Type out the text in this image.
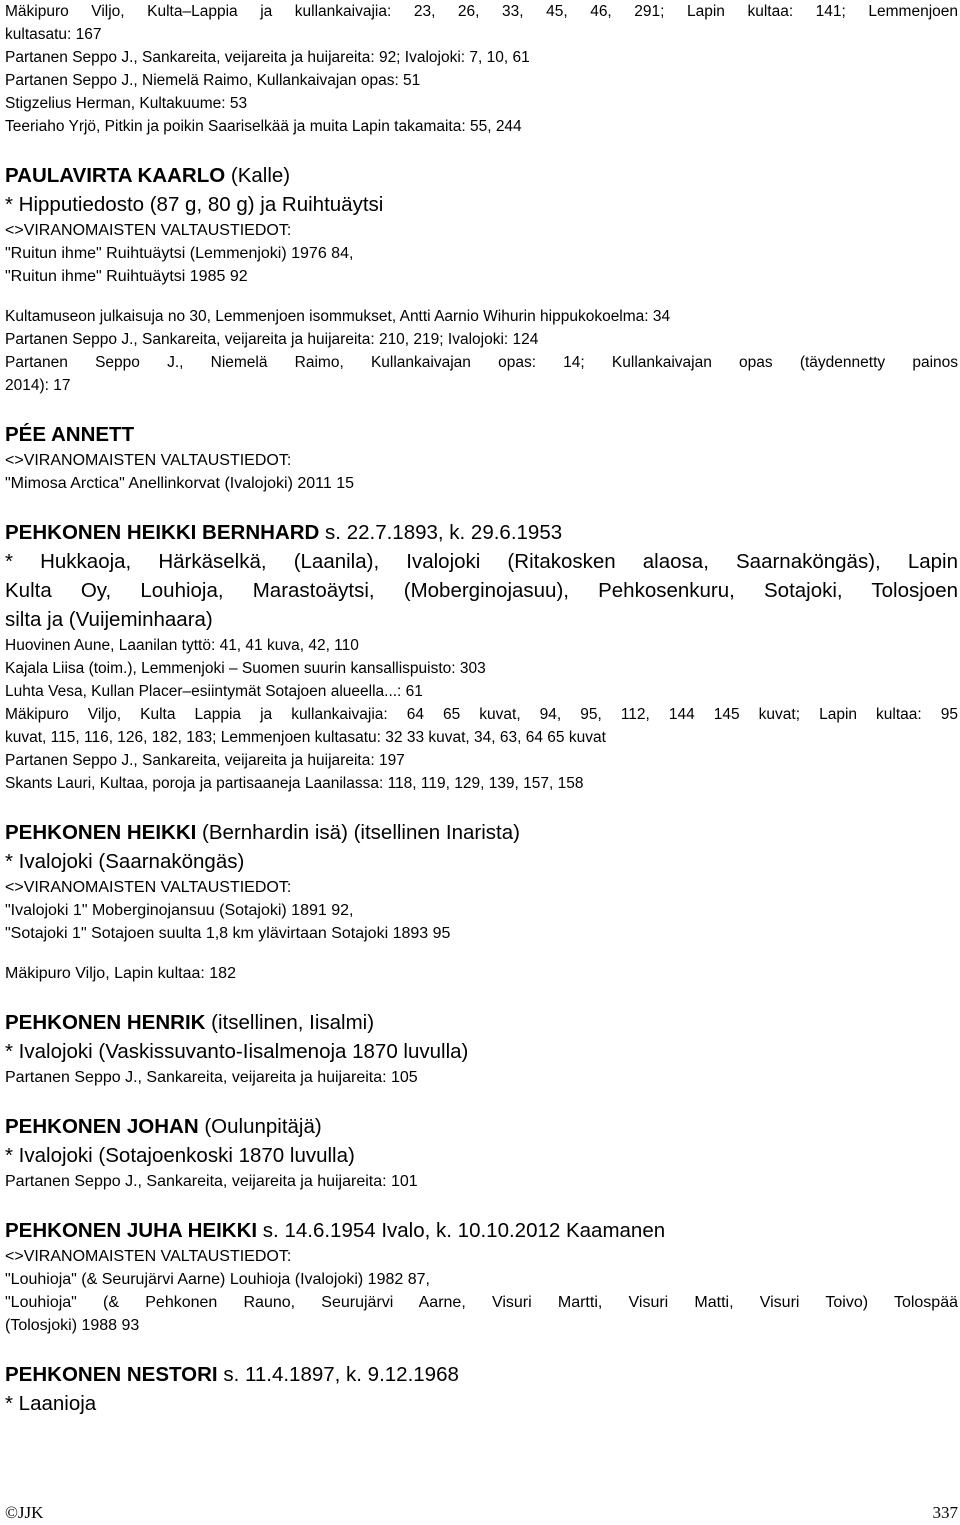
Mäkipuro Viljo, Kulta–Lappia ja kullankaivajia: 23, 26, 33, 45, 46, 291; Lapin kultaa: 141; Lemmenjoen
kultasatu: 167
Partanen Seppo J., Sankareita, veijareita ja huijareita: 92; Ivalojoki: 7, 10, 61
Partanen Seppo J., Niemelä Raimo, Kullankaivajan opas: 51
Stigzelius Herman, Kultakuume: 53
Teeriaho Yrjö, Pitkin ja poikin Saariselkää ja muita Lapin takamaita: 55, 244
PAULAVIRTA KAARLO (Kalle)
* Hipputiedosto (87 g, 80 g) ja Ruihtuäytsi
<>VIRANOMAISTEN VALTAUSTIEDOT:
"Ruitun ihme" Ruihtuäytsi (Lemmenjoki) 1976 84,
"Ruitun ihme" Ruihtuäytsi 1985 92
Kultamuseon julkaisuja no 30, Lemmenjoen isommukset, Antti Aarnio Wihurin hippukokoelma: 34
Partanen Seppo J., Sankareita, veijareita ja huijareita: 210, 219; Ivalojoki: 124
Partanen Seppo J., Niemelä Raimo, Kullankaivajan opas: 14; Kullankaivajan opas (täydennetty painos
2014): 17
PÉE ANNETT
<>VIRANOMAISTEN VALTAUSTIEDOT:
"Mimosa Arctica" Anellinkorvat (Ivalojoki) 2011 15
PEHKONEN HEIKKI BERNHARD s. 22.7.1893, k. 29.6.1953
* Hukkaoja, Härkäselkä, (Laanila), Ivalojoki (Ritakosken alaosa, Saarnaköngäs), Lapin
Kulta Oy, Louhioja, Marastoäytsi, (Moberginojasuu), Pehkosenkuru, Sotajoki, Tolosjoen
silta ja (Vuijeminhaara)
Huovinen Aune, Laanilan tyttö: 41, 41 kuva, 42, 110
Kajala Liisa (toim.), Lemmenjoki – Suomen suurin kansallispuisto: 303
Luhta Vesa, Kullan Placer–esiintymät Sotajoen alueella...: 61
Mäkipuro Viljo, Kulta Lappia ja kullankaivajia: 64 65 kuvat, 94, 95, 112, 144 145 kuvat; Lapin kultaa: 95
kuvat, 115, 116, 126, 182, 183; Lemmenjoen kultasatu: 32 33 kuvat, 34, 63, 64 65 kuvat
Partanen Seppo J., Sankareita, veijareita ja huijareita: 197
Skants Lauri, Kultaa, poroja ja partisaaneja Laanilassa: 118, 119, 129, 139, 157, 158
PEHKONEN HEIKKI (Bernhardin isä) (itsellinen Inarista)
* Ivalojoki (Saarnaköngäs)
<>VIRANOMAISTEN VALTAUSTIEDOT:
"Ivalojoki 1" Moberginojansuu (Sotajoki) 1891 92,
"Sotajoki 1" Sotajoen suulta 1,8 km ylävirtaan Sotajoki 1893 95
Mäkipuro Viljo, Lapin kultaa: 182
PEHKONEN HENRIK (itsellinen, Iisalmi)
* Ivalojoki (Vaskissuvanto-Iisalmenoja 1870 luvulla)
Partanen Seppo J., Sankareita, veijareita ja huijareita: 105
PEHKONEN JOHAN (Oulunpitäjä)
* Ivalojoki (Sotajoenkoski 1870 luvulla)
Partanen Seppo J., Sankareita, veijareita ja huijareita: 101
PEHKONEN JUHA HEIKKI s. 14.6.1954 Ivalo, k. 10.10.2012 Kaamanen
<>VIRANOMAISTEN VALTAUSTIEDOT:
"Louhioja" (& Seurujärvi Aarne) Louhioja (Ivalojoki) 1982 87,
"Louhioja" (& Pehkonen Rauno, Seurujärvi Aarne, Visuri Martti, Visuri Matti, Visuri Toivo) Tolospää
(Tolosjoki) 1988 93
PEHKONEN NESTORI s. 11.4.1897, k. 9.12.1968
* Laanioja
©JJK	337
